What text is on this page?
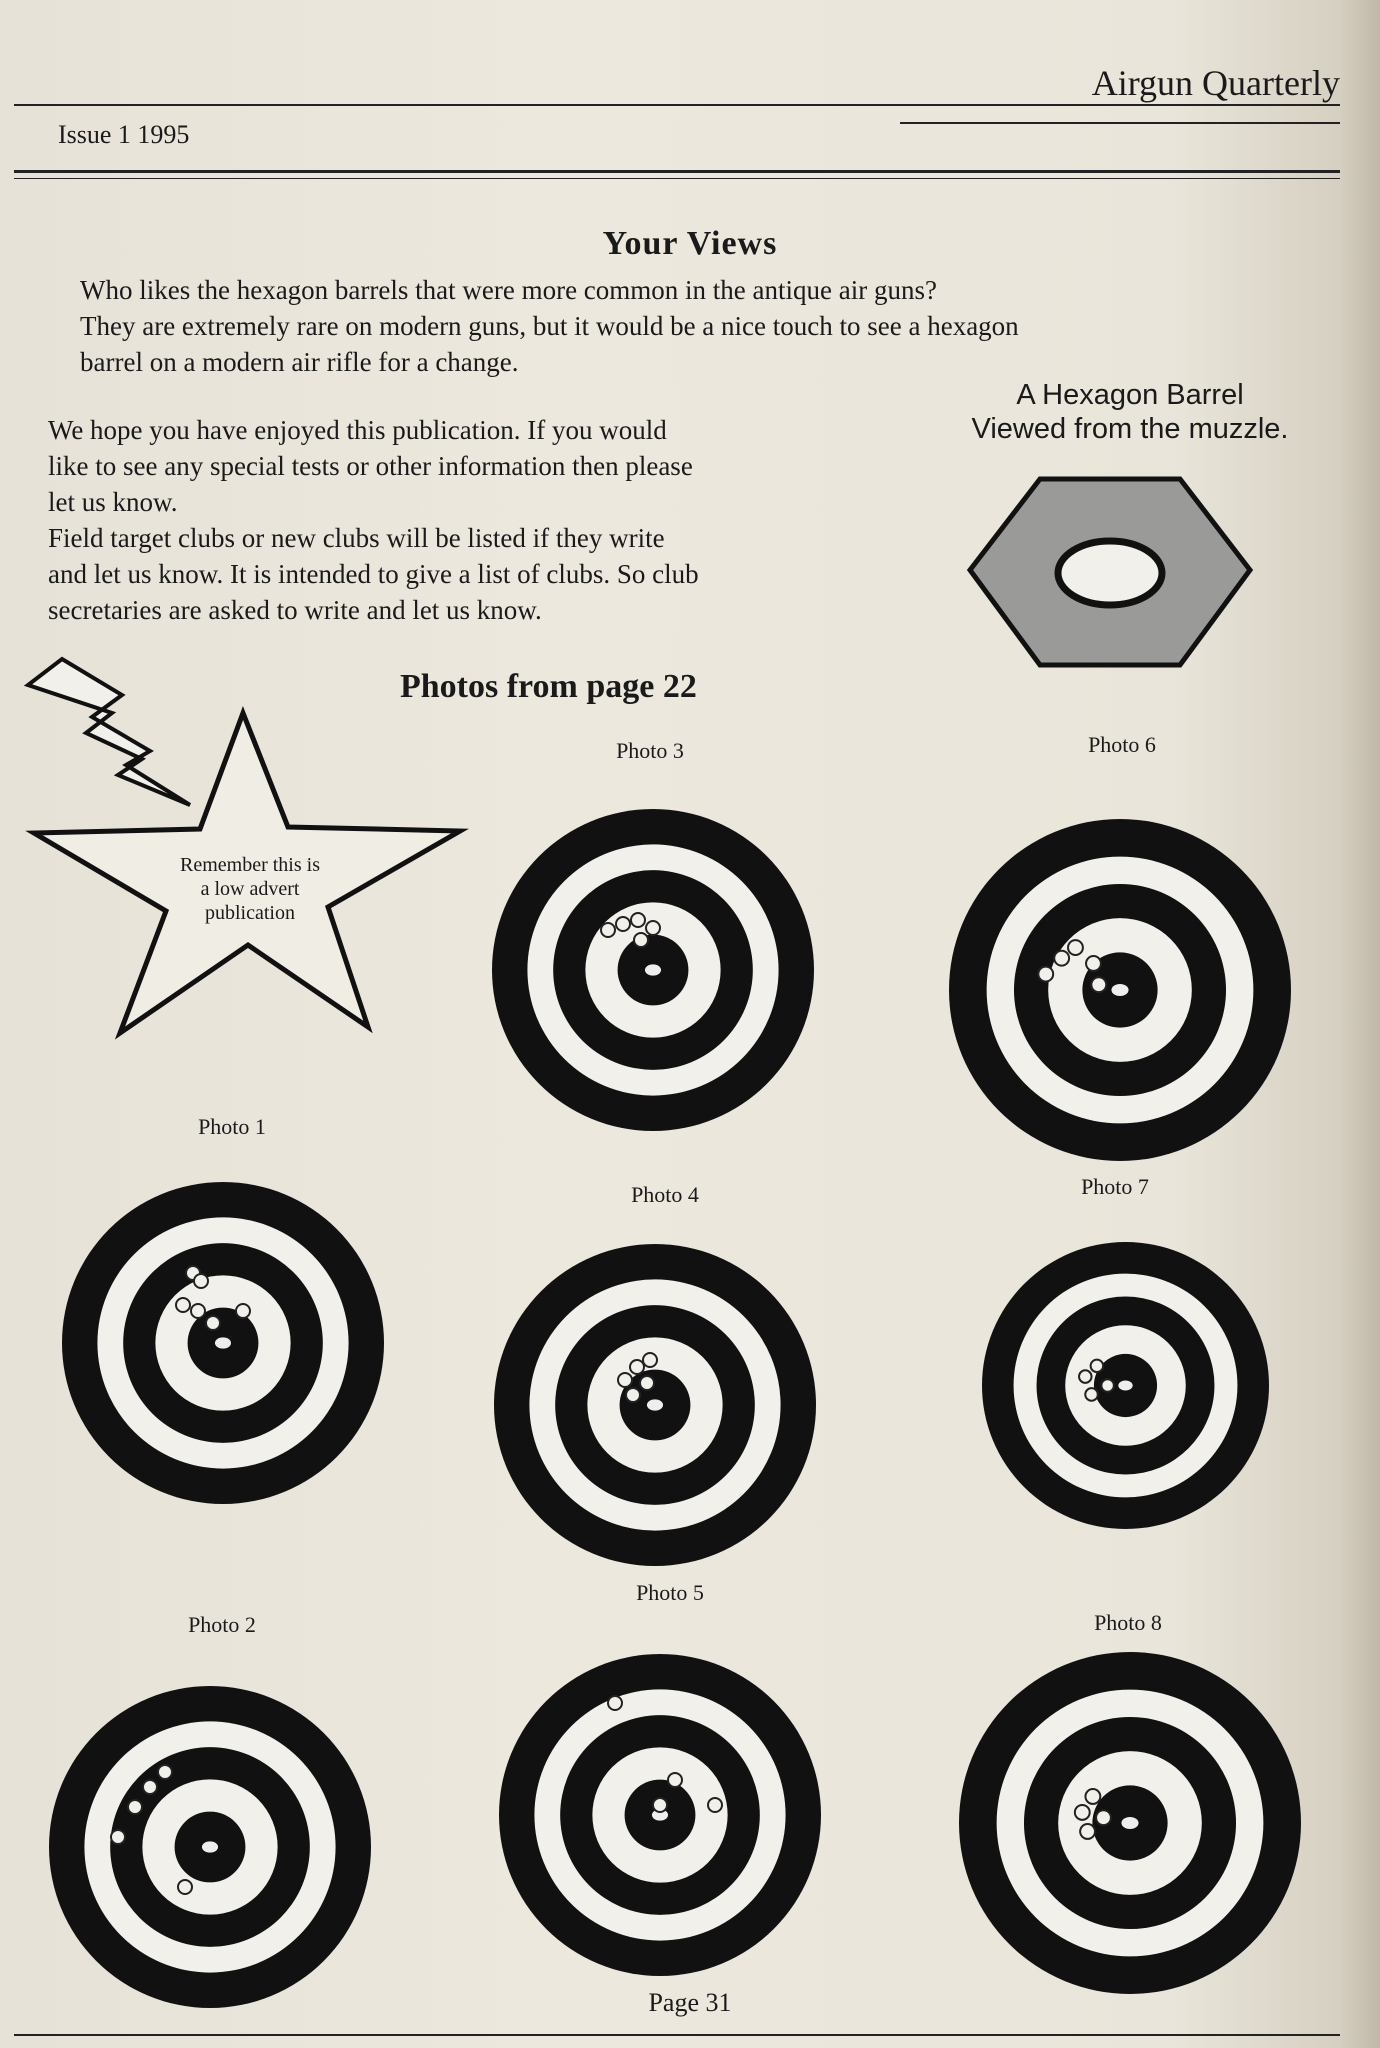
Airgun Quarterly
Issue 1 1995
Your Views
Who likes the hexagon barrels that were more common in the antique air guns?
They are extremely rare on modern guns, but it would be a nice touch to see a hexagon
barrel on a modern air rifle for a change.
We hope you have enjoyed this publication. If you would
like to see any special tests or other information then please
let us know.
Field target clubs or new clubs will be listed if they write
and let us know. It is intended to give a list of clubs. So club
secretaries are asked to write and let us know.
A Hexagon Barrel
Viewed from the muzzle.
Remember this is
a low advert
publication
Photos from page 22
Photo 1
Photo 2
Photo 3
Photo 4
Photo 5
Photo 6
Photo 7
Photo 8
Page 31
